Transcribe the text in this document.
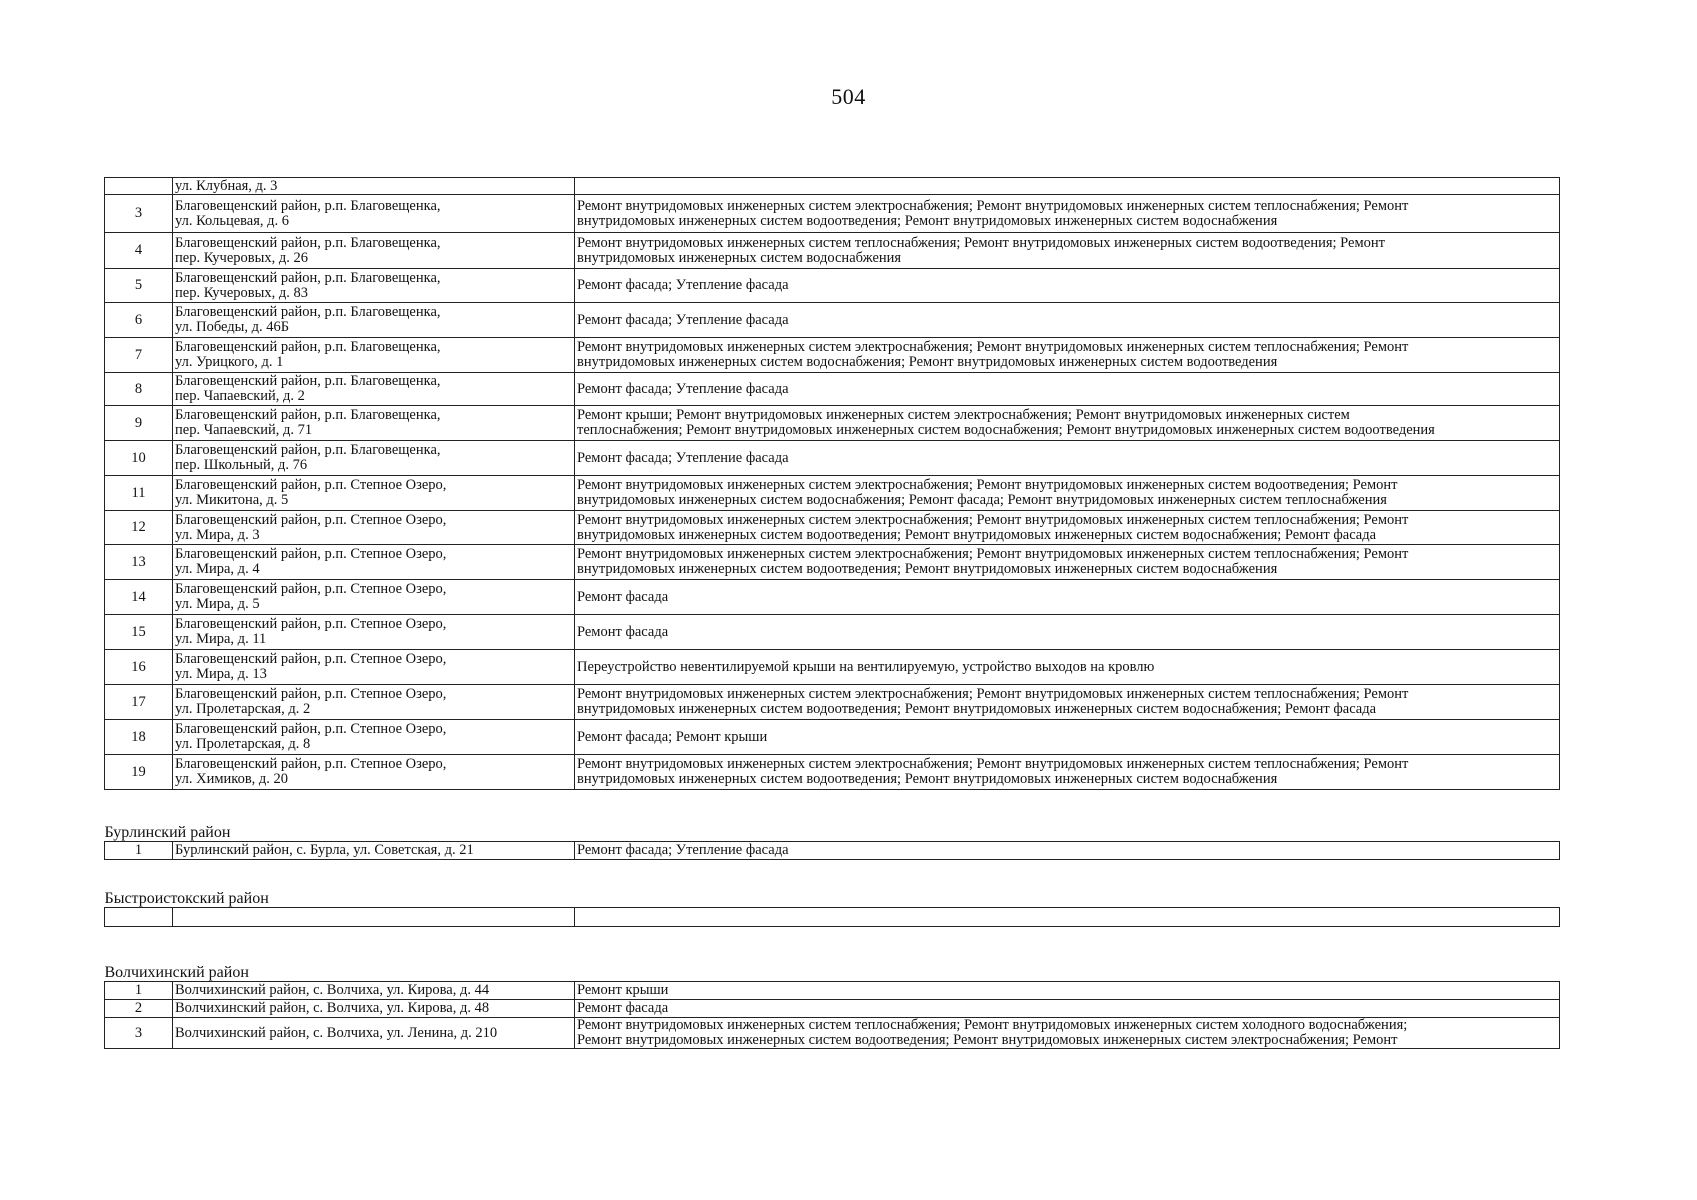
504

	ул. Клубная, д. 3	

3	Благовещенский район, р.п. Благовещенка,
ул. Кольцевая, д. 6	Ремонт внутридомовых инженерных систем электроснабжения; Ремонт внутридомовых инженерных систем теплоснабжения; Ремонт
внутридомовых инженерных систем водоотведения; Ремонт внутридомовых инженерных систем водоснабжения

4	Благовещенский район, р.п. Благовещенка,
пер. Кучеровых, д. 26	Ремонт внутридомовых инженерных систем теплоснабжения; Ремонт внутридомовых инженерных систем водоотведения; Ремонт
внутридомовых инженерных систем водоснабжения

5	Благовещенский район, р.п. Благовещенка,
пер. Кучеровых, д. 83	Ремонт фасада; Утепление фасада

6	Благовещенский район, р.п. Благовещенка,
ул. Победы, д. 46Б	Ремонт фасада; Утепление фасада

7	Благовещенский район, р.п. Благовещенка,
ул. Урицкого, д. 1	Ремонт внутридомовых инженерных систем электроснабжения; Ремонт внутридомовых инженерных систем теплоснабжения; Ремонт
внутридомовых инженерных систем водоснабжения; Ремонт внутридомовых инженерных систем водоотведения

8	Благовещенский район, р.п. Благовещенка,
пер. Чапаевский, д. 2	Ремонт фасада; Утепление фасада

9	Благовещенский район, р.п. Благовещенка,
пер. Чапаевский, д. 71	Ремонт крыши; Ремонт внутридомовых инженерных систем электроснабжения; Ремонт внутридомовых инженерных систем
теплоснабжения; Ремонт внутридомовых инженерных систем водоснабжения; Ремонт внутридомовых инженерных систем водоотведения

10	Благовещенский район, р.п. Благовещенка,
пер. Школьный, д. 76	Ремонт фасада; Утепление фасада

11	Благовещенский район, р.п. Степное Озеро,
ул. Микитона, д. 5	Ремонт внутридомовых инженерных систем электроснабжения; Ремонт внутридомовых инженерных систем водоотведения; Ремонт
внутридомовых инженерных систем водоснабжения; Ремонт фасада; Ремонт внутридомовых инженерных систем теплоснабжения

12	Благовещенский район, р.п. Степное Озеро,
ул. Мира, д. 3	Ремонт внутридомовых инженерных систем электроснабжения; Ремонт внутридомовых инженерных систем теплоснабжения; Ремонт
внутридомовых инженерных систем водоотведения; Ремонт внутридомовых инженерных систем водоснабжения; Ремонт фасада

13	Благовещенский район, р.п. Степное Озеро,
ул. Мира, д. 4	Ремонт внутридомовых инженерных систем электроснабжения; Ремонт внутридомовых инженерных систем теплоснабжения; Ремонт
внутридомовых инженерных систем водоотведения; Ремонт внутридомовых инженерных систем водоснабжения

14	Благовещенский район, р.п. Степное Озеро,
ул. Мира, д. 5	Ремонт фасада

15	Благовещенский район, р.п. Степное Озеро,
ул. Мира, д. 11	Ремонт фасада

16	Благовещенский район, р.п. Степное Озеро,
ул. Мира, д. 13	Переустройство невентилируемой крыши на вентилируемую, устройство выходов на кровлю

17	Благовещенский район, р.п. Степное Озеро,
ул. Пролетарская, д. 2	Ремонт внутридомовых инженерных систем электроснабжения; Ремонт внутридомовых инженерных систем теплоснабжения; Ремонт
внутридомовых инженерных систем водоотведения; Ремонт внутридомовых инженерных систем водоснабжения; Ремонт фасада

18	Благовещенский район, р.п. Степное Озеро,
ул. Пролетарская, д. 8	Ремонт фасада; Ремонт крыши

19	Благовещенский район, р.п. Степное Озеро,
ул. Химиков, д. 20	Ремонт внутридомовых инженерных систем электроснабжения; Ремонт внутридомовых инженерных систем теплоснабжения; Ремонт
внутридомовых инженерных систем водоотведения; Ремонт внутридомовых инженерных систем водоснабжения

Бурлинский район		
1	Бурлинский район, с. Бурла, ул. Советская, д. 21	Ремонт фасада; Утепление фасада

Быстроистокский район		

Волчихинский район		
1	Волчихинский район, с. Волчиха, ул. Кирова, д. 44	Ремонт крыши

2	Волчихинский район, с. Волчиха, ул. Кирова, д. 48	Ремонт фасада

3	Волчихинский район, с. Волчиха, ул. Ленина, д. 210	Ремонт внутридомовых инженерных систем теплоснабжения; Ремонт внутридомовых инженерных систем холодного водоснабжения;
Ремонт внутридомовых инженерных систем водоотведения; Ремонт внутридомовых инженерных систем электроснабжения; Ремонт
